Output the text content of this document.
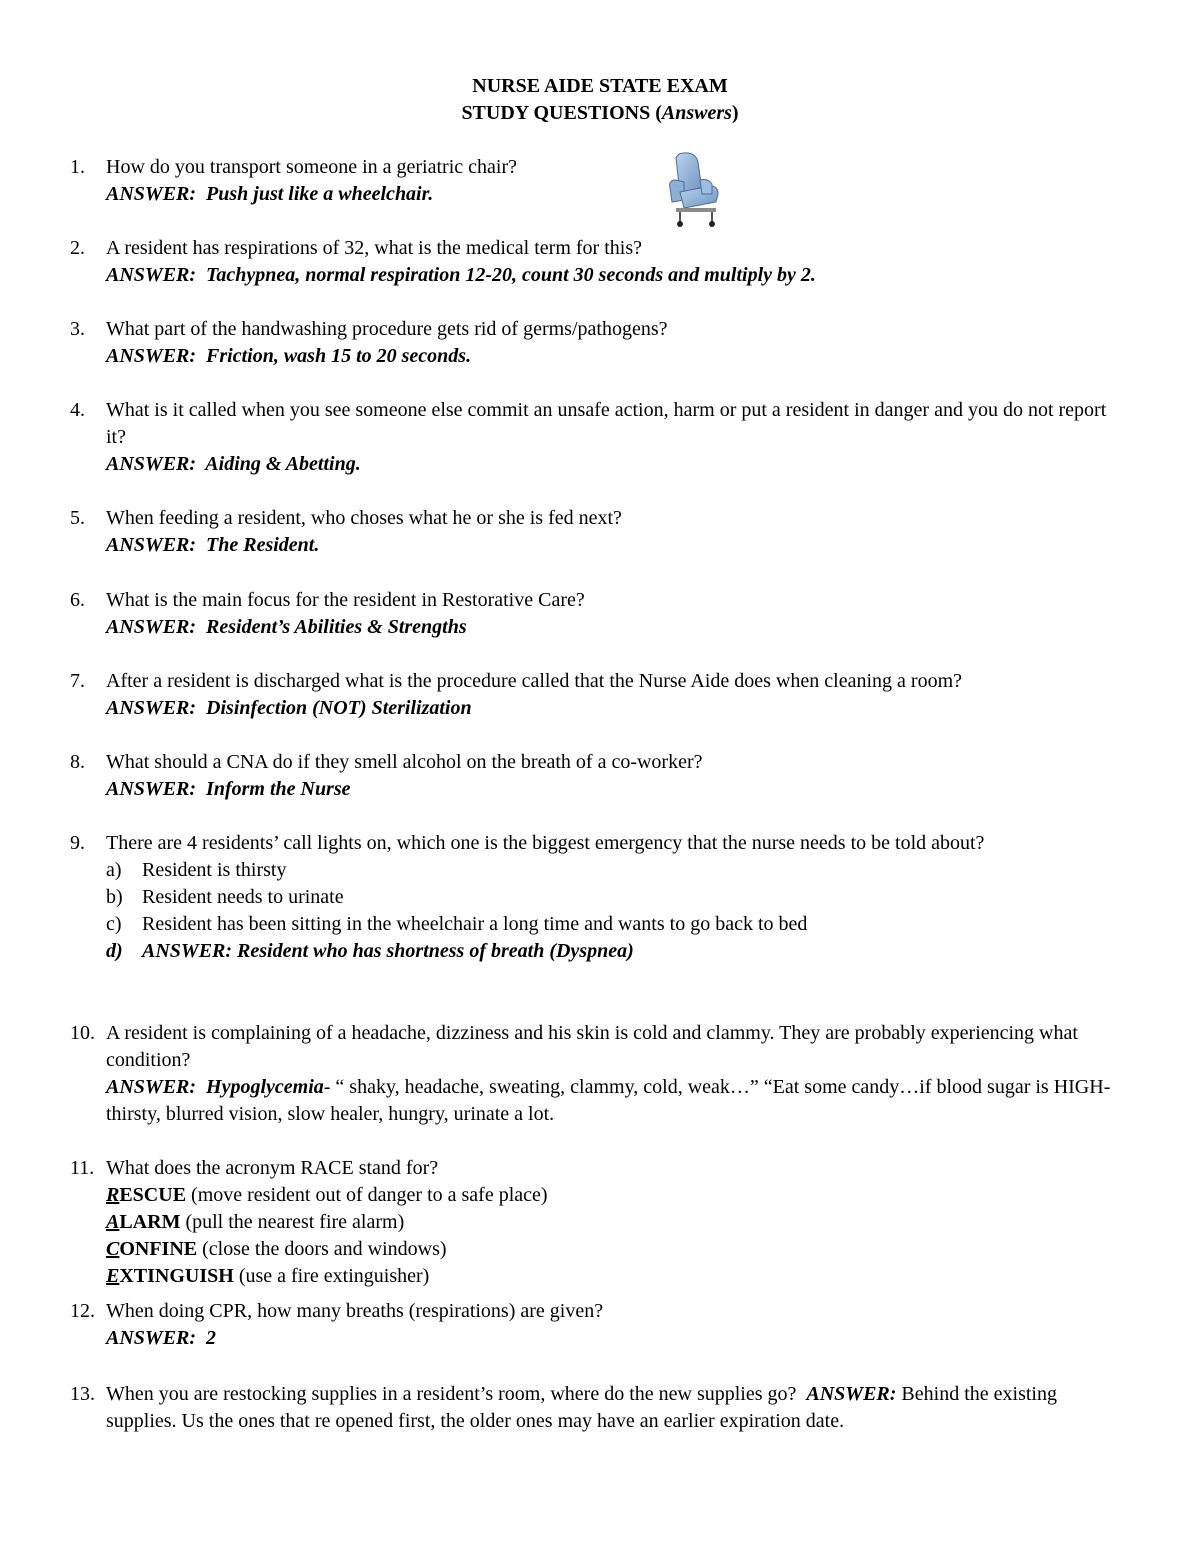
NURSE AIDE STATE EXAM
STUDY QUESTIONS (Answers)
1.	How do you transport someone in a geriatric chair?
ANSWER: Push just like a wheelchair.
2.	A resident has respirations of 32, what is the medical term for this?
ANSWER: Tachypnea, normal respiration 12-20, count 30 seconds and multiply by 2.
3.	What part of the handwashing procedure gets rid of germs/pathogens?
ANSWER: Friction, wash 15 to 20 seconds.
4.	What is it called when you see someone else commit an unsafe action, harm or put a resident in danger and you do not report it?
ANSWER: Aiding & Abetting.
5.	When feeding a resident, who choses what he or she is fed next?
ANSWER: The Resident.
6.	What is the main focus for the resident in Restorative Care?
ANSWER: Resident’s Abilities & Strengths
7.	After a resident is discharged what is the procedure called that the Nurse Aide does when cleaning a room?
ANSWER: Disinfection (NOT) Sterilization
8.	What should a CNA do if they smell alcohol on the breath of a co-worker?
ANSWER: Inform the Nurse
9.	There are 4 residents’ call lights on, which one is the biggest emergency that the nurse needs to be told about?
a) Resident is thirsty
b) Resident needs to urinate
c) Resident has been sitting in the wheelchair a long time and wants to go back to bed
d) ANSWER: Resident who has shortness of breath (Dyspnea)
10. A resident is complaining of a headache, dizziness and his skin is cold and clammy. They are probably experiencing what condition?
ANSWER: Hypoglycemia- “ shaky, headache, sweating, clammy, cold, weak…” “Eat some candy…if blood sugar is HIGH-thirsty, blurred vision, slow healer, hungry, urinate a lot.
11. What does the acronym RACE stand for?
RESCUE (move resident out of danger to a safe place)
ALARM (pull the nearest fire alarm)
CONFINE (close the doors and windows)
EXTINGUISH (use a fire extinguisher)
12. When doing CPR, how many breaths (respirations) are given?
ANSWER: 2
13. When you are restocking supplies in a resident’s room, where do the new supplies go? ANSWER: Behind the existing supplies. Us the ones that re opened first, the older ones may have an earlier expiration date.
